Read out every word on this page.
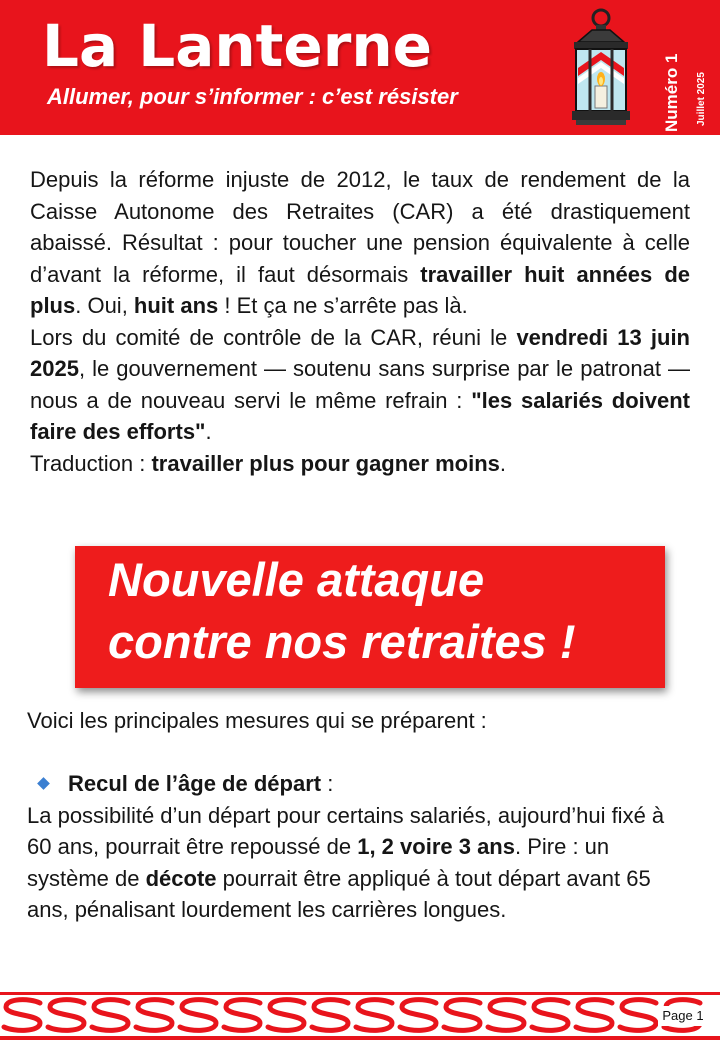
La Lanterne
Allumer, pour s’informer : c’est résister	Numéro 1	Juillet 2025

Depuis la réforme injuste de 2012, le taux de rendement de la Caisse Autonome des Retraites (CAR) a été drastiquement abaissé. Résultat : pour toucher une pension équivalente à celle d’avant la réforme, il faut désormais travailler huit années de plus. Oui, huit ans ! Et ça ne s’arrête pas là.

Lors du comité de contrôle de la CAR, réuni le vendredi 13 juin 2025, le gouvernement — soutenu sans surprise par le patronat — nous a de nouveau servi le même refrain : "les salariés doivent faire des efforts".
Traduction : travailler plus pour gagner moins.

Nouvelle attaque
contre nos retraites !

Voici les principales mesures qui se préparent :

Recul de l’âge de départ :

La possibilité d’un départ pour certains salariés, aujourd’hui fixé à 60 ans, pourrait être repoussé de 1, 2 voire 3 ans. Pire : un système de décote pourrait être appliqué à tout départ avant 65 ans, pénalisant lourdement les carrières longues.

Page 1
